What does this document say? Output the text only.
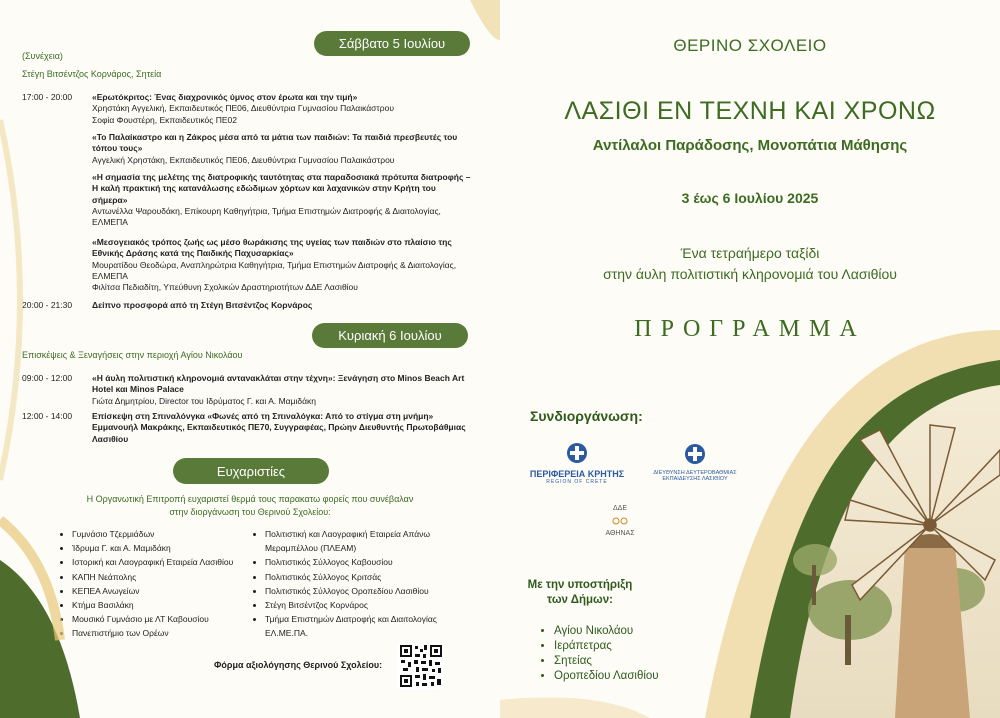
Σάββατο 5 Ιουλίου
(Συνέχεια)
Στέγη Βιτσέντζος Κορνάρος, Σητεία
17:00 - 20:00	«Ερωτόκριτος: Ένας διαχρονικός ύμνος στον έρωτα και την τιμή»
Χρηστάκη Αγγελική, Εκπαιδευτικός ΠΕ06, Διευθύντρια Γυμνασίου Παλαικάστρου
Σοφία Φουστέρη, Εκπαιδευτικός ΠΕ02
«Το Παλαίκαστρο και η Ζάκρος μέσα από τα μάτια των παιδιών: Τα παιδιά πρεσβευτές του τόπου τους»
Αγγελική Χρηστάκη, Εκπαιδευτικός ΠΕ06, Διευθύντρια Γυμνασίου Παλαικάστρου
«Η σημασία της μελέτης της διατροφικής ταυτότητας στα παραδοσιακά πρότυπα διατροφής – Η καλή πρακτική της κατανάλωσης εδώδιμων χόρτων και λαχανικών στην Κρήτη του σήμερα»
Αντωνέλλα Ψαρουδάκη, Επίκουρη Καθηγήτρια, Τμήμα Επιστημών Διατροφής & Διαιτολογίας, ΕΛΜΕΠΑ
«Μεσογειακός τρόπος ζωής ως μέσο θωράκισης της υγείας των παιδιών στο πλαίσιο της Εθνικής Δράσης κατά της Παιδικής Παχυσαρκίας»
Μουρατίδου Θεοδώρα, Αναπληρώτρια Καθηγήτρια, Τμήμα Επιστημών Διατροφής & Διαιτολογίας, ΕΛΜΕΠΑ
Φιλίτσα Πεδιαδίτη, Υπεύθυνη Σχολικών Δραστηριοτήτων ΔΔΕ Λασιθίου
20:00 - 21:30	Δείπνο προσφορά από τη Στέγη Βιτσέντζος Κορνάρος
Κυριακή 6 Ιουλίου
Επισκέψεις & Ξεναγήσεις στην περιοχή Αγίου Νικολάου
09:00 - 12:00	«Η άυλη πολιτιστική κληρονομιά αντανακλάται στην τέχνη»: Ξενάγηση στο Minos Beach Art Hotel και Minos Palace
Γιώτα Δημητρίου, Director του Ιδρύματος Γ. και Α. Μαμιδάκη
12:00 - 14:00	Επίσκεψη στη Σπιναλόνγκα «Φωνές από τη Σπιναλόγκα: Από το στίγμα στη μνήμη»
Εμμανουήλ Μακράκης, Εκπαιδευτικός ΠΕ70, Συγγραφέας, Πρώην Διευθυντής Πρωτοβάθμιας Λασιθίου
Ευχαριστίες
Η Οργανωτική Επιτροπή ευχαριστεί θερμά τους παρακατω φορείς που συνέβαλαν στην διοργάνωση του Θερινού Σχολείου:
• Γυμνάσιο Τζερμιάδων
• Ίδρυμα Γ. και Α. Μαμιδάκη
• Ιστορική και Λαογραφική Εταιρεία Λασιθίου
• ΚΑΠΗ Νεάπολης
• ΚΕΠΕΑ Ανωγείων
• Κτήμα Βασιλάκη
• Μουσικό Γυμνάσιο με ΛΤ Καβουσίου
• Πανεπιστήμιο των Ορέων
• Πολιτιστική και Λαογραφική Εταιρεία Απάνω Μεραμπέλλου (ΠΛΕΑΜ)
• Πολιτιστικός Σύλλογος Καβουσίου
• Πολιτιστικός Σύλλογος Κριτσάς
• Πολιτιστικός Σύλλογος Οροπεδίου Λασιθίου
• Στέγη Βιτσέντζος Κορνάρος
• Τμήμα Επιστημών Διατροφής και Διαιτολογίας ΕΛ.ΜΕ.ΠΑ.
Φόρμα αξιολόγησης Θερινού Σχολείου:
ΘΕΡΙΝΟ ΣΧΟΛΕΙΟ
ΛΑΣΙΘΙ ΕΝ ΤΕΧΝΗ ΚΑΙ ΧΡΟΝΩ
Αντίλαλοι Παράδοσης, Μονοπάτια Μάθησης
3 έως 6 Ιουλίου 2025
Ένα τετραήμερο ταξίδι
στην άυλη πολιτιστική κληρονομιά του Λασιθίου
ΠΡΟΓΡΑΜΜΑ
Συνδιοργάνωση:
ΠΕΡΙΦΕΡΕΙΑ ΚΡΗΤΗΣ
REGION OF CRETE
ΔΙΕΥΘΥΝΣΗ ΔΕΥΤΕΡΟΒΑΘΜΙΑΣ
ΕΚΠΑΙΔΕΥΣΗΣ ΛΑΣΙΘΙΟΥ
ΔΔΕ
ΑΘΗΝΑΣ
Με την υποστήριξη
των Δήμων:
• Αγίου Νικολάου
• Ιεράπετρας
• Σητείας
• Οροπεδίου Λασιθίου
